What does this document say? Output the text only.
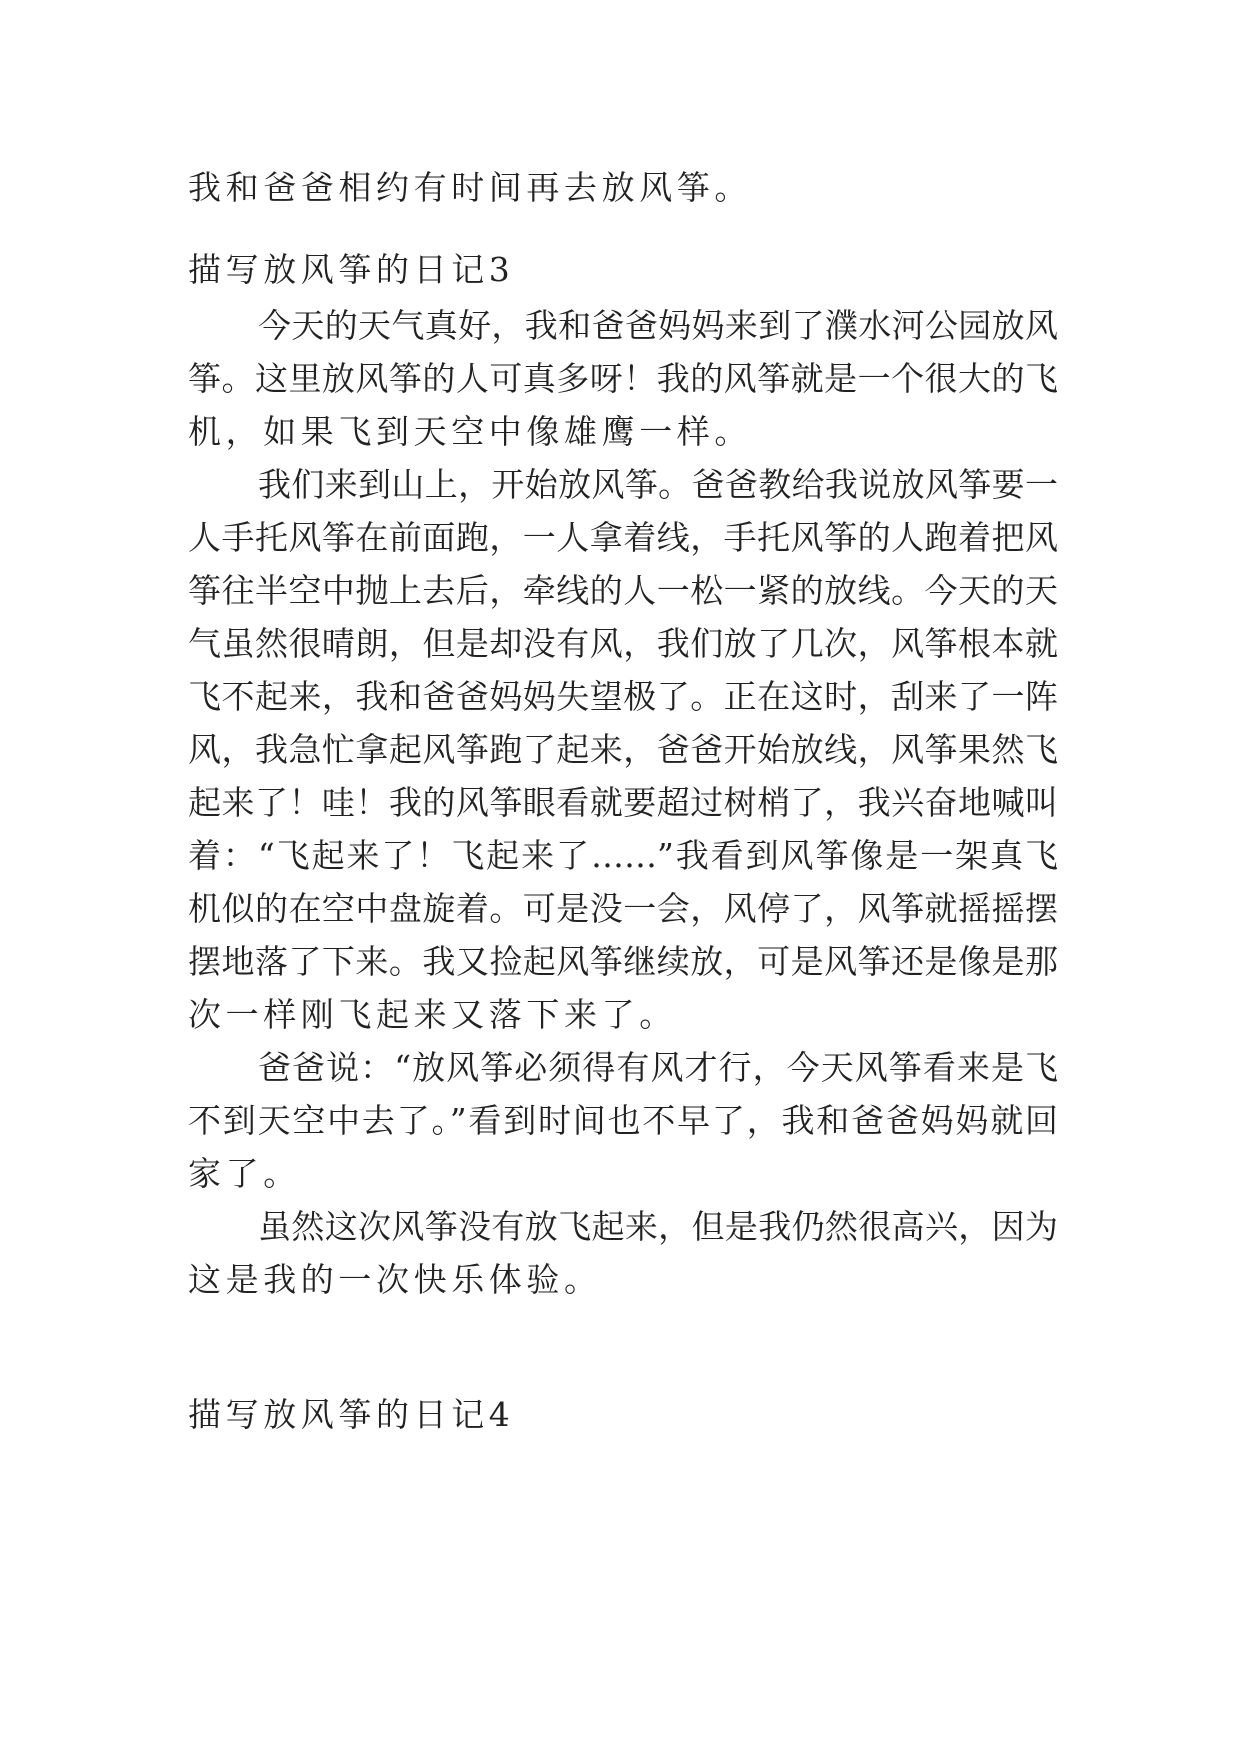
我和爸爸相约有时间再去放风筝。
描写放风筝的日记3
今天的天气真好，我和爸爸妈妈来到了濮水河公园放风
筝。这里放风筝的人可真多呀！我的风筝就是一个很大的飞
机，如果飞到天空中像雄鹰一样。
我们来到山上，开始放风筝。爸爸教给我说放风筝要一
人手托风筝在前面跑，一人拿着线，手托风筝的人跑着把风
筝往半空中抛上去后，牵线的人一松一紧的放线。今天的天
气虽然很晴朗，但是却没有风，我们放了几次，风筝根本就
飞不起来，我和爸爸妈妈失望极了。正在这时，刮来了一阵
风，我急忙拿起风筝跑了起来，爸爸开始放线，风筝果然飞
起来了！哇！我的风筝眼看就要超过树梢了，我兴奋地喊叫
着：“飞起来了！飞起来了……”我看到风筝像是一架真飞
机似的在空中盘旋着。可是没一会，风停了，风筝就摇摇摆
摆地落了下来。我又捡起风筝继续放，可是风筝还是像是那
次一样刚飞起来又落下来了。
爸爸说：“放风筝必须得有风才行，今天风筝看来是飞
不到天空中去了。”看到时间也不早了，我和爸爸妈妈就回
家了。
虽然这次风筝没有放飞起来，但是我仍然很高兴，因为
这是我的一次快乐体验。
描写放风筝的日记4
